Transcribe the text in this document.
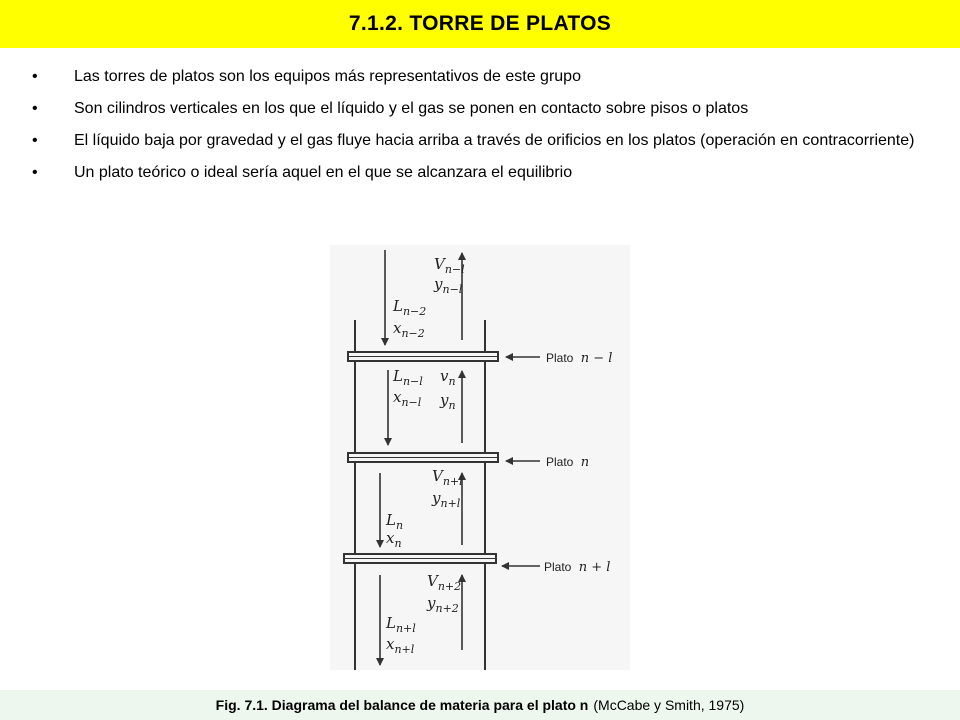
7.1.2. TORRE DE PLATOS
• Las torres de platos son los equipos más representativos de este grupo
• Son cilindros verticales en los que el líquido y el gas se ponen en contacto sobre pisos o platos
• El líquido baja por gravedad y el gas fluye hacia arriba a través de orificios en los platos (operación en contracorriente)
• Un plato teórico o ideal sería aquel en el que se alcanzara el equilibrio
Plato n − l
Plato n
Plato n + l
$V_{n-l}$
$y_{n-l}$
$L_{n-2}$
$x_{n-2}$
$L_{n-l}$
$x_{n-l}$
$v_n$
$y_n$
$V_{n+l}$
$y_{n+l}$
$L_n$
$x_n$
$V_{n+2}$
$y_{n+2}$
$L_{n+l}$
$x_{n+l}$
Fig. 7.1. Diagrama del balance de materia para el plato n (McCabe y Smith, 1975)
